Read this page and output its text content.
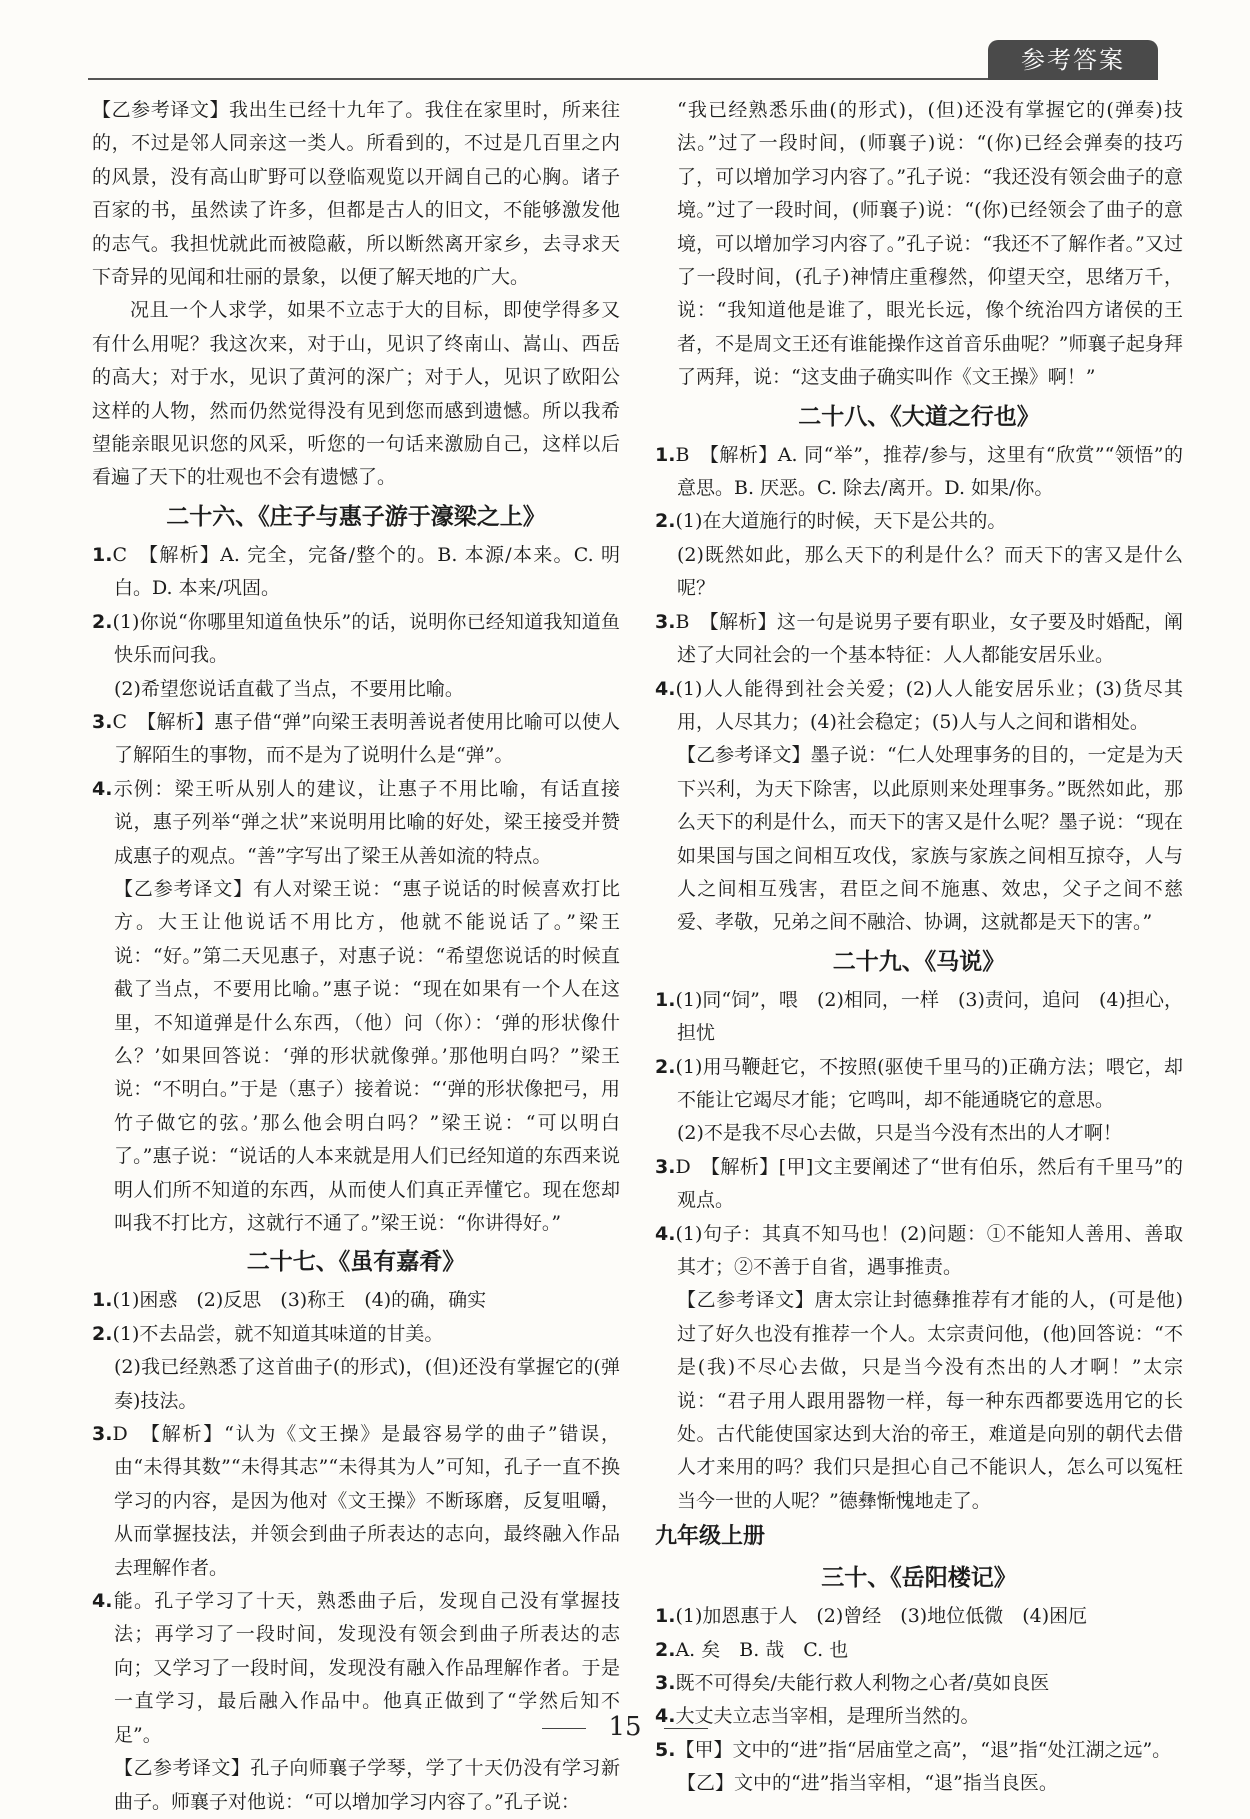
参考答案

【乙参考译文】我出生已经十九年了。我住在家里时，所来往的，不过是邻人同亲这一类人。所看到的，不过是几百里之内的风景，没有高山旷野可以登临观览以开阔自己的心胸。诸子百家的书，虽然读了许多，但都是古人的旧文，不能够激发他的志气。我担忧就此而被隐蔽，所以断然离开家乡，去寻求天下奇异的见闻和壮丽的景象，以便了解天地的广大。

况且一个人求学，如果不立志于大的目标，即使学得多又有什么用呢？我这次来，对于山，见识了终南山、嵩山、西岳的高大；对于水，见识了黄河的深广；对于人，见识了欧阳公这样的人物，然而仍然觉得没有见到您而感到遗憾。所以我希望能亲眼见识您的风采，听您的一句话来激励自己，这样以后看遍了天下的壮观也不会有遗憾了。

二十六、《庄子与惠子游于濠梁之上》

1.C　【解析】A. 完全，完备/整个的。B. 本源/本来。C. 明白。D. 本来/巩固。

2.(1)你说“你哪里知道鱼快乐”的话，说明你已经知道我知道鱼快乐而问我。

(2)希望您说话直截了当点，不要用比喻。

3.C　【解析】惠子借“弹”向梁王表明善说者使用比喻可以使人了解陌生的事物，而不是为了说明什么是“弹”。

4.示例：梁王听从别人的建议，让惠子不用比喻，有话直接说，惠子列举“弹之状”来说明用比喻的好处，梁王接受并赞成惠子的观点。“善”字写出了梁王从善如流的特点。

【乙参考译文】有人对梁王说：“惠子说话的时候喜欢打比方。大王让他说话不用比方，他就不能说话了。”梁王说：“好。”第二天见惠子，对惠子说：“希望您说话的时候直截了当点，不要用比喻。”惠子说：“现在如果有一个人在这里，不知道弹是什么东西，（他）问（你）：‘弹的形状像什么？’如果回答说：‘弹的形状就像弹。’那他明白吗？”梁王说：“不明白。”于是（惠子）接着说：“‘弹的形状像把弓，用竹子做它的弦。’那么他会明白吗？”梁王说：“可以明白了。”惠子说：“说话的人本来就是用人们已经知道的东西来说明人们所不知道的东西，从而使人们真正弄懂它。现在您却叫我不打比方，这就行不通了。”梁王说：“你讲得好。”

二十七、《虽有嘉肴》

1.(1)困惑　(2)反思　(3)称王　(4)的确，确实

2.(1)不去品尝，就不知道其味道的甘美。

(2)我已经熟悉了这首曲子(的形式)，(但)还没有掌握它的(弹奏)技法。

3.D　【解析】“认为《文王操》是最容易学的曲子”错误，由“未得其数”“未得其志”“未得其为人”可知，孔子一直不换学习的内容，是因为他对《文王操》不断琢磨，反复咀嚼，从而掌握技法，并领会到曲子所表达的志向，最终融入作品去理解作者。

4.能。孔子学习了十天，熟悉曲子后，发现自己没有掌握技法；再学习了一段时间，发现没有领会到曲子所表达的志向；又学习了一段时间，发现没有融入作品理解作者。于是一直学习，最后融入作品中。他真正做到了“学然后知不足”。

【乙参考译文】孔子向师襄子学琴，学了十天仍没有学习新曲子。师襄子对他说：“可以增加学习内容了。”孔子说：

“我已经熟悉乐曲(的形式)，(但)还没有掌握它的(弹奏)技法。”过了一段时间，(师襄子)说：“(你)已经会弹奏的技巧了，可以增加学习内容了。”孔子说：“我还没有领会曲子的意境。”过了一段时间，(师襄子)说：“(你)已经领会了曲子的意境，可以增加学习内容了。”孔子说：“我还不了解作者。”又过了一段时间，(孔子)神情庄重穆然，仰望天空，思绪万千，说：“我知道他是谁了，眼光长远，像个统治四方诸侯的王者，不是周文王还有谁能操作这首音乐曲呢？”师襄子起身拜了两拜，说：“这支曲子确实叫作《文王操》啊！”

二十八、《大道之行也》

1.B　【解析】A. 同“举”，推荐/参与，这里有“欣赏”“领悟”的意思。B. 厌恶。C. 除去/离开。D. 如果/你。

2.(1)在大道施行的时候，天下是公共的。

(2)既然如此，那么天下的利是什么？而天下的害又是什么呢？

3.B　【解析】这一句是说男子要有职业，女子要及时婚配，阐述了大同社会的一个基本特征：人人都能安居乐业。

4.(1)人人能得到社会关爱；(2)人人能安居乐业；(3)货尽其用，人尽其力；(4)社会稳定；(5)人与人之间和谐相处。

【乙参考译文】墨子说：“仁人处理事务的目的，一定是为天下兴利，为天下除害，以此原则来处理事务。”既然如此，那么天下的利是什么，而天下的害又是什么呢？墨子说：“现在如果国与国之间相互攻伐，家族与家族之间相互掠夺，人与人之间相互残害，君臣之间不施惠、效忠，父子之间不慈爱、孝敬，兄弟之间不融洽、协调，这就都是天下的害。”

二十九、《马说》

1.(1)同“饲”，喂　(2)相同，一样　(3)责问，追问　(4)担心，担忧

2.(1)用马鞭赶它，不按照(驱使千里马的)正确方法；喂它，却不能让它竭尽才能；它鸣叫，却不能通晓它的意思。

(2)不是我不尽心去做，只是当今没有杰出的人才啊！

3.D　【解析】[甲]文主要阐述了“世有伯乐，然后有千里马”的观点。

4.(1)句子：其真不知马也！(2)问题：①不能知人善用、善取其才；②不善于自省，遇事推责。

【乙参考译文】唐太宗让封德彝推荐有才能的人，(可是他)过了好久也没有推荐一个人。太宗责问他，(他)回答说：“不是(我)不尽心去做，只是当今没有杰出的人才啊！”太宗说：“君子用人跟用器物一样，每一种东西都要选用它的长处。古代能使国家达到大治的帝王，难道是向别的朝代去借人才来用的吗？我们只是担心自己不能识人，怎么可以冤枉当今一世的人呢？”德彝惭愧地走了。

九年级上册
三十、《岳阳楼记》

1.(1)加恩惠于人　(2)曾经　(3)地位低微　(4)困厄

2.A. 矣　B. 哉　C. 也

3.既不可得矣/夫能行救人利物之心者/莫如良医

4.大丈夫立志当宰相，是理所当然的。

5.【甲】文中的“进”指“居庙堂之高”，“退”指“处江湖之远”。

【乙】文中的“进”指当宰相，“退”指当良医。

15
